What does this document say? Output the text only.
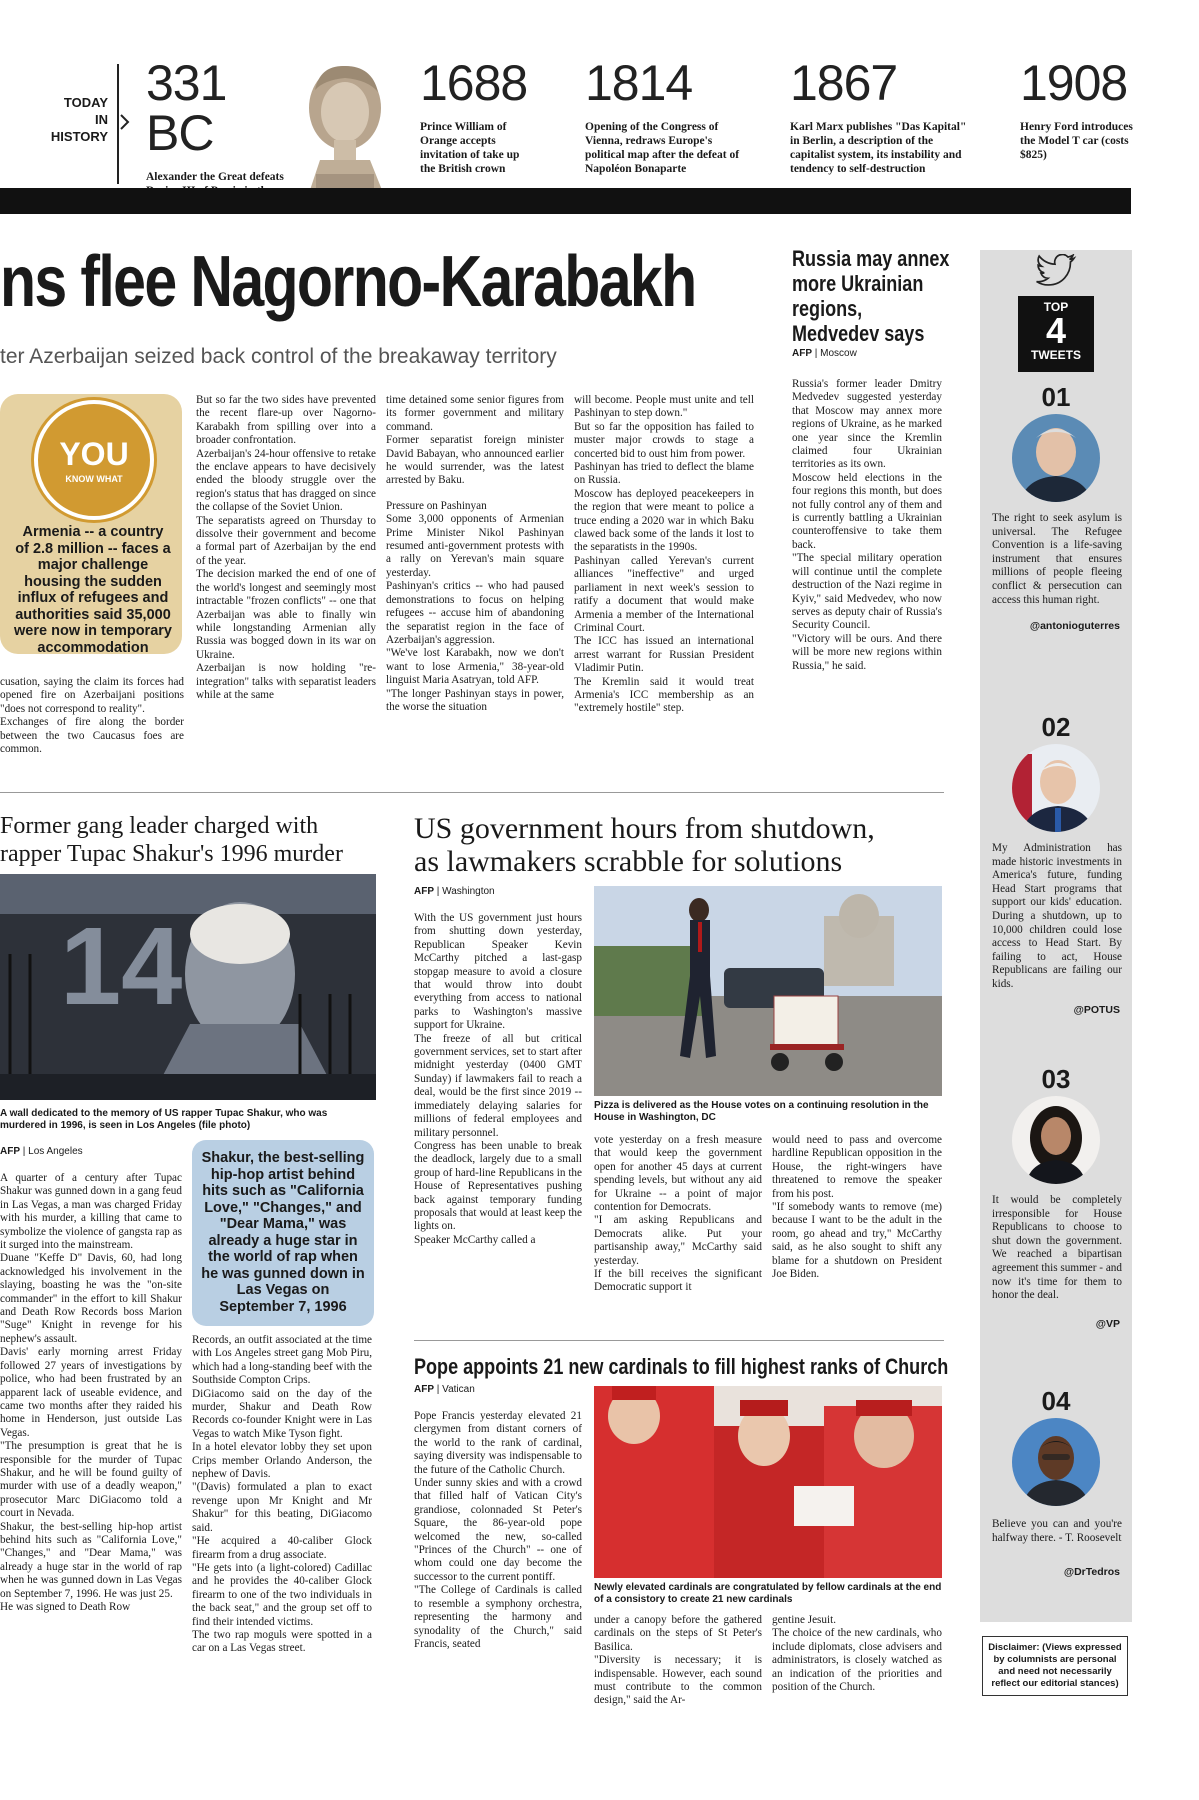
TODAY
IN
HISTORY
331 BC
Alexander the Great defeats
1688
Prince William of Orange accepts invitation of take up the British crown
1814
Opening of the Congress of Vienna, redraws Europe's political map after the defeat of Napoléon Bonaparte
1867
Karl Marx publishes "Das Kapital" in Berlin, a description of the capitalist system, its instability and tendency to self-destruction
1908
Henry Ford introduces the Model T car (costs $825)
ns flee Nagorno-Karabakh
ter Azerbaijan seized back control of the breakaway territory
YOU
KNOW WHAT
Armenia -- a country of 2.8 million -- faces a major challenge housing the sudden influx of refugees and authorities said 35,000 were now in temporary accommodation
cusation, saying the claim its forces had opened fire on Azerbaijani positions "does not correspond to reality".
Exchanges of fire along the border between the two Caucasus foes are common.
But so far the two sides have prevented the recent flare-up over Nagorno-Karabakh from spilling over into a broader confrontation.
Azerbaijan's 24-hour offensive to retake the enclave appears to have decisively ended the bloody struggle over the region's status that has dragged on since the collapse of the Soviet Union.
The separatists agreed on Thursday to dissolve their government and become a formal part of Azerbaijan by the end of the year.
The decision marked the end of one of the world's longest and seemingly most intractable "frozen conflicts" -- one that Azerbaijan was able to finally win while longstanding Armenian ally Russia was bogged down in its war on Ukraine.
Azerbaijan is now holding "re-integration" talks with separatist leaders while at the same
time detained some senior figures from its former government and military command.
Former separatist foreign minister David Babayan, who announced earlier he would surrender, was the latest arrested by Baku.
Pressure on Pashinyan
Some 3,000 opponents of Armenian Prime Minister Nikol Pashinyan resumed anti-government protests with a rally on Yerevan's main square yesterday.
Pashinyan's critics -- who had paused demonstrations to focus on helping refugees -- accuse him of abandoning the separatist region in the face of Azerbaijan's aggression.
"We've lost Karabakh, now we don't want to lose Armenia," 38-year-old linguist Maria Asatryan, told AFP.
"The longer Pashinyan stays in power, the worse the situation
will become. People must unite and tell Pashinyan to step down."
But so far the opposition has failed to muster major crowds to stage a concerted bid to oust him from power.
Pashinyan has tried to deflect the blame on Russia.
Moscow has deployed peacekeepers in the region that were meant to police a truce ending a 2020 war in which Baku clawed back some of the lands it lost to the separatists in the 1990s.
Pashinyan called Yerevan's current alliances "ineffective" and urged parliament in next week's session to ratify a document that would make Armenia a member of the International Criminal Court.
The ICC has issued an international arrest warrant for Russian President Vladimir Putin.
The Kremlin said it would treat Armenia's ICC membership as an "extremely hostile" step.
Russia may annex
more Ukrainian
regions,
Medvedev says
AFP | Moscow
Russia's former leader Dmitry Medvedev suggested yesterday that Moscow may annex more regions of Ukraine, as he marked one year since the Kremlin claimed four Ukrainian territories as its own.
Moscow held elections in the four regions this month, but does not fully control any of them and is currently battling a Ukrainian counteroffensive to take them back.
"The special military operation will continue until the complete destruction of the Nazi regime in Kyiv," said Medvedev, who now serves as deputy chair of Russia's Security Council.
"Victory will be ours. And there will be more new regions within Russia," he said.
Former gang leader charged with
rapper Tupac Shakur's 1996 murder
14
A wall dedicated to the memory of US rapper Tupac Shakur, who was murdered in 1996, is seen in Los Angeles (file photo)
AFP | Los Angeles
A quarter of a century after Tupac Shakur was gunned down in a gang feud in Las Vegas, a man was charged Friday with his murder, a killing that came to symbolize the violence of gangsta rap as it surged into the mainstream.
Duane "Keffe D" Davis, 60, had long acknowledged his involvement in the slaying, boasting he was the "on-site commander" in the effort to kill Shakur and Death Row Records boss Marion "Suge" Knight in revenge for his nephew's assault.
Davis' early morning arrest Friday followed 27 years of investigations by police, who had been frustrated by an apparent lack of useable evidence, and came two months after they raided his home in Henderson, just outside Las Vegas.
"The presumption is great that he is responsible for the murder of Tupac Shakur, and he will be found guilty of murder with use of a deadly weapon," prosecutor Marc DiGiacomo told a court in Nevada.
Shakur, the best-selling hip-hop artist behind hits such as "California Love," "Changes," and "Dear Mama," was already a huge star in the world of rap when he was gunned down in Las Vegas on September 7, 1996. He was just 25.
He was signed to Death Row
Shakur, the best-selling hip-hop artist behind hits such as "California Love," "Changes," and "Dear Mama," was already a huge star in the world of rap when he was gunned down in Las Vegas on September 7, 1996
Records, an outfit associated at the time with Los Angeles street gang Mob Piru, which had a long-standing beef with the Southside Compton Crips.
DiGiacomo said on the day of the murder, Shakur and Death Row Records co-founder Knight were in Las Vegas to watch Mike Tyson fight.
In a hotel elevator lobby they set upon Crips member Orlando Anderson, the nephew of Davis.
"(Davis) formulated a plan to exact revenge upon Mr Knight and Mr Shakur" for this beating, DiGiacomo said.
"He acquired a 40-caliber Glock firearm from a drug associate.
"He gets into (a light-colored) Cadillac and he provides the 40-caliber Glock firearm to one of the two individuals in the back seat," and the group set off to find their intended victims.
The two rap moguls were spotted in a car on a Las Vegas street.
US government hours from shutdown,
as lawmakers scrabble for solutions
AFP | Washington
With the US government just hours from shutting down yesterday, Republican Speaker Kevin McCarthy pitched a last-gasp stopgap measure to avoid a closure that would throw into doubt everything from access to national parks to Washington's massive support for Ukraine.
The freeze of all but critical government services, set to start after midnight yesterday (0400 GMT Sunday) if lawmakers fail to reach a deal, would be the first since 2019 -- immediately delaying salaries for millions of federal employees and military personnel.
Congress has been unable to break the deadlock, largely due to a small group of hard-line Republicans in the House of Representatives pushing back against temporary funding proposals that would at least keep the lights on.
Speaker McCarthy called a
Pizza is delivered as the House votes on a continuing resolution in the House in Washington, DC
vote yesterday on a fresh measure that would keep the government open for another 45 days at current spending levels, but without any aid for Ukraine -- a point of major contention for Democrats.
"I am asking Republicans and Democrats alike. Put your partisanship away," McCarthy said yesterday.
If the bill receives the significant Democratic support it
would need to pass and overcome hardline Republican opposition in the House, the right-wingers have threatened to remove the speaker from his post.
"If somebody wants to remove (me) because I want to be the adult in the room, go ahead and try," McCarthy said, as he also sought to shift any blame for a shutdown on President Joe Biden.
Pope appoints 21 new cardinals to fill highest ranks of Church
AFP | Vatican
Pope Francis yesterday elevated 21 clergymen from distant corners of the world to the rank of cardinal, saying diversity was indispensable to the future of the Catholic Church.
Under sunny skies and with a crowd that filled half of Vatican City's grandiose, colonnaded St Peter's Square, the 86-year-old pope welcomed the new, so-called "Princes of the Church" -- one of whom could one day become the successor to the current pontiff.
"The College of Cardinals is called to resemble a symphony orchestra, representing the harmony and synodality of the Church," said Francis, seated
Newly elevated cardinals are congratulated by fellow cardinals at the end of a consistory to create 21 new cardinals
under a canopy before the gathered cardinals on the steps of St Peter's Basilica.
"Diversity is necessary; it is indispensable. However, each sound must contribute to the common design," said the Ar-
gentine Jesuit.
The choice of the new cardinals, who include diplomats, close advisers and administrators, is closely watched as an indication of the priorities and position of the Church.
TOP
4
TWEETS
01
The right to seek asylum is universal. The Refugee Convention is a life-saving instrument that ensures millions of people fleeing conflict & persecution can access this human right.
@antonioguterres
02
My Administration has made historic investments in America's future, funding Head Start programs that support our kids' education. During a shutdown, up to 10,000 children could lose access to Head Start. By failing to act, House Republicans are failing our kids.
@POTUS
03
It would be completely irresponsible for House Republicans to choose to shut down the government. We reached a bipartisan agreement this summer - and now it's time for them to honor the deal.
@VP
04
Believe you can and you're halfway there. - T. Roosevelt
@DrTedros
Disclaimer: (Views expressed by columnists are personal and need not necessarily reflect our editorial stances)
